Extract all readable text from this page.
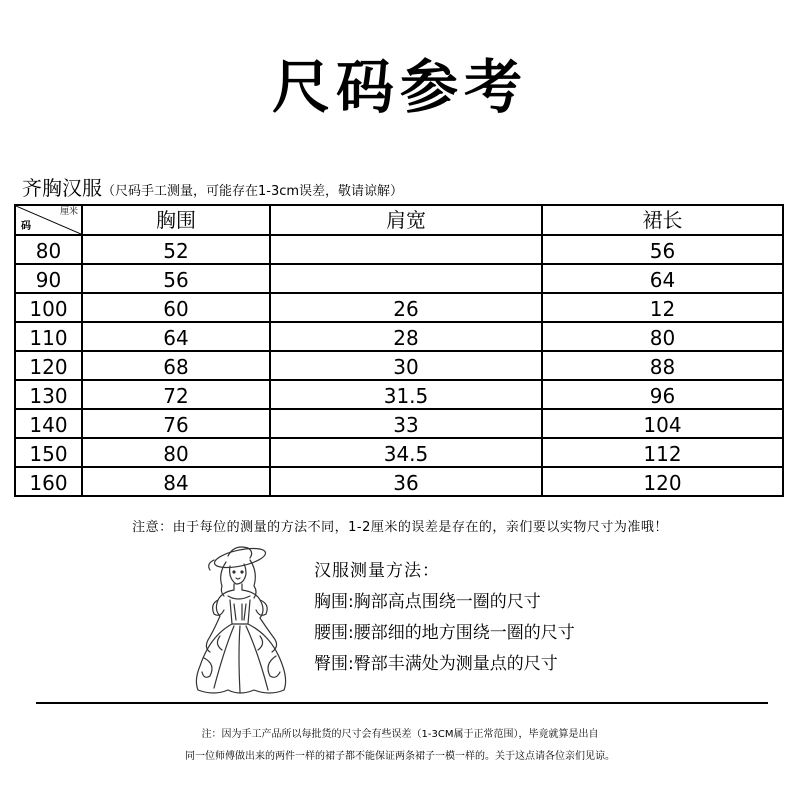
尺码参考
齐胸汉服（尺码手工测量，可能存在1-3cm误差，敬请谅解）
厘米
码	胸围	肩宽	裙长
80	52		56
90	56		64
100	60	26	12
110	64	28	80
120	68	30	88
130	72	31.5	96
140	76	33	104
150	80	34.5	112
160	84	36	120
注意：由于每位的测量的方法不同，1-2厘米的误差是存在的，亲们要以实物尺寸为准哦！
汉服测量方法：
胸围:胸部高点围绕一圈的尺寸
腰围:腰部细的地方围绕一圈的尺寸
臀围:臀部丰满处为测量点的尺寸
注：因为手工产品所以每批货的尺寸会有些误差（1-3CM属于正常范围），毕竟就算是出自
同一位师傅做出来的两件一样的裙子都不能保证两条裙子一模一样的。关于这点请各位亲们见谅。
